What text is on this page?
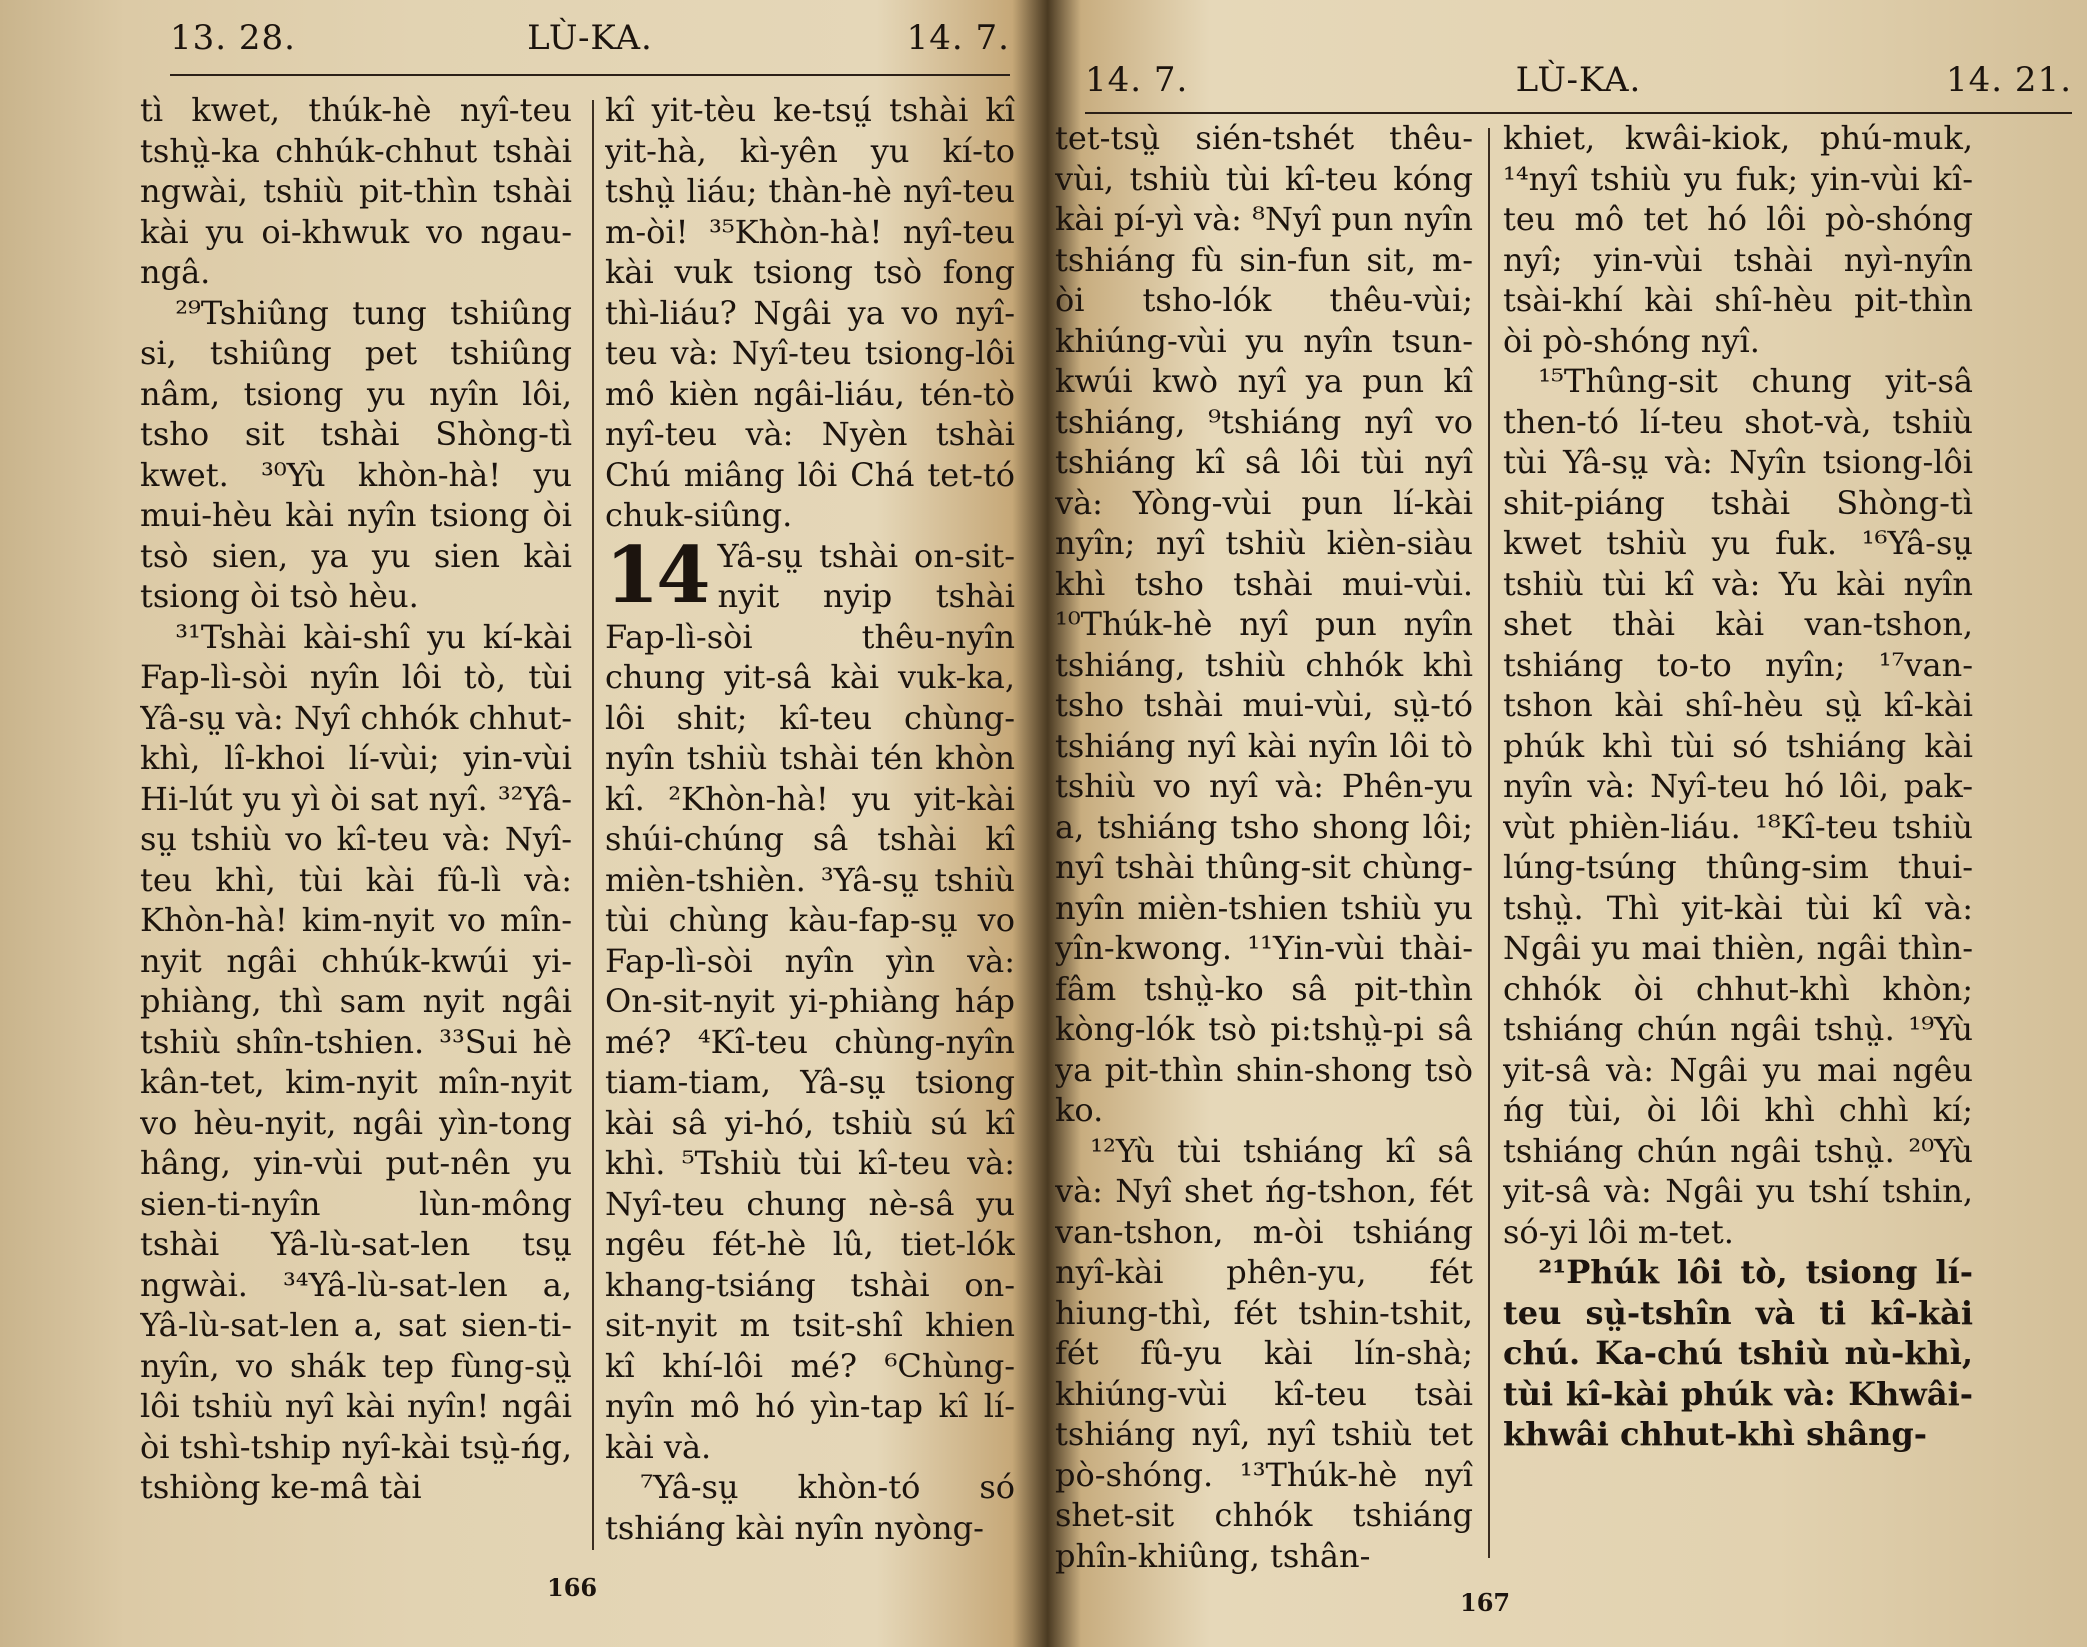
13. 28.	LÙ-KA.	14. 7.

tì kwet, thúk-hè nyî-teu tshṳ̀-ka chhúk-chhut tshài ngwài, tshiù pit-thìn tshài kài yu oi-khwuk vo ngau-ngâ.

²⁹Tshiûng tung tshiûng si, tshiûng pet tshiûng nâm, tsiong yu nyîn lôi, tsho sit tshài Shòng-tì kwet. ³⁰Yù khòn-hà! yu mui-hèu kài nyîn tsiong òi tsò sien, ya yu sien kài tsiong òi tsò hèu.

³¹Tshài kài-shî yu kí-kài Fap-lì-sòi nyîn lôi tò, tùi Yâ-sṳ và: Nyî chhók chhut-khì, lî-khoi lí-vùi; yin-vùi Hi-lút yu yì òi sat nyî. ³²Yâ-sṳ tshiù vo kî-teu và: Nyî-teu khì, tùi kài fû-lì và: Khòn-hà! kim-nyit vo mîn-nyit ngâi chhúk-kwúi yi-phiàng, thì sam nyit ngâi tshiù shîn-tshien. ³³Sui hè kân-tet, kim-nyit mîn-nyit vo hèu-nyit, ngâi yìn-tong hâng, yin-vùi put-nên yu sien-ti-nyîn lùn-mông tshài Yâ-lù-sat-len tsṳ ngwài. ³⁴Yâ-lù-sat-len a, Yâ-lù-sat-len a, sat sien-ti-nyîn, vo shák tep fùng-sṳ̀ lôi tshiù nyî kài nyîn! ngâi òi tshì-tship nyî-kài tsṳ̀-ńg, tshiòng ke-mâ tài

kî yit-tèu ke-tsṳ́ tshài kî yit-hà, kì-yên yu kí-to tshṳ̀ liáu; thàn-hè nyî-teu m-òi! ³⁵Khòn-hà! nyî-teu kài vuk tsiong tsò fong thì-liáu? Ngâi ya vo nyî-teu và: Nyî-teu tsiong-lôi mô kièn ngâi-liáu, tén-tò nyî-teu và: Nyèn tshài Chú miâng lôi Chá tet-tó chuk-siûng.

14 Yâ-sṳ tshài on-sit-nyit nyip tshài Fap-lì-sòi thêu-nyîn chung yit-sâ kài vuk-ka, lôi shit; kî-teu chùng-nyîn tshiù tshài tén khòn kî. ²Khòn-hà! yu yit-kài shúi-chúng sâ tshài kî mièn-tshièn. ³Yâ-sṳ tshiù tùi chùng kàu-fap-sṳ vo Fap-lì-sòi nyîn yìn và: On-sit-nyit yi-phiàng háp mé? ⁴Kî-teu chùng-nyîn tiam-tiam, Yâ-sṳ tsiong kài sâ yi-hó, tshiù sú kî khì. ⁵Tshiù tùi kî-teu và: Nyî-teu chung nè-sâ yu ngêu fét-hè lû, tiet-lók khang-tsiáng tshài on-sit-nyit m tsit-shî khien kî khí-lôi mé? ⁶Chùng-nyîn mô hó yìn-tap kî lí-kài và.

⁷Yâ-sṳ khòn-tó só tshiáng kài nyîn nyòng-

166
14. 7.	LÙ-KA.	14. 21.

tet-tsṳ̀ sién-tshét thêu-vùi, tshiù tùi kî-teu kóng kài pí-yì và: ⁸Nyî pun nyîn tshiáng fù sin-fun sit, m-òi tsho-lók thêu-vùi; khiúng-vùi yu nyîn tsun-kwúi kwò nyî ya pun kî tshiáng, ⁹tshiáng nyî vo tshiáng kî sâ lôi tùi nyî và: Yòng-vùi pun lí-kài nyîn; nyî tshiù kièn-siàu khì tsho tshài mui-vùi. ¹⁰Thúk-hè nyî pun nyîn tshiáng, tshiù chhók khì tsho tshài mui-vùi, sṳ̀-tó tshiáng nyî kài nyîn lôi tò tshiù vo nyî và: Phên-yu a, tshiáng tsho shong lôi; nyî tshài thûng-sit chùng-nyîn mièn-tshien tshiù yu yîn-kwong. ¹¹Yin-vùi thài-fâm tshṳ̀-ko sâ pit-thìn kòng-lók tsò pi:tshṳ̀-pi sâ ya pit-thìn shin-shong tsò ko.

¹²Yù tùi tshiáng kî sâ và: Nyî shet ńg-tshon, fét van-tshon, m-òi tshiáng nyî-kài phên-yu, fét hiung-thì, fét tshin-tshit, fét fû-yu kài lín-shà; khiúng-vùi kî-teu tsài tshiáng nyî, nyî tshiù tet pò-shóng. ¹³Thúk-hè nyî shet-sit chhók tshiáng phîn-khiûng, tshân-

khiet, kwâi-kiok, phú-muk, ¹⁴nyî tshiù yu fuk; yin-vùi kî-teu mô tet hó lôi pò-shóng nyî; yin-vùi tshài nyì-nyîn tsài-khí kài shî-hèu pit-thìn òi pò-shóng nyî.

¹⁵Thûng-sit chung yit-sâ then-tó lí-teu shot-và, tshiù tùi Yâ-sṳ và: Nyîn tsiong-lôi shit-piáng tshài Shòng-tì kwet tshiù yu fuk. ¹⁶Yâ-sṳ tshiù tùi kî và: Yu kài nyîn shet thài kài van-tshon, tshiáng to-to nyîn; ¹⁷van-tshon kài shî-hèu sṳ̀ kî-kài phúk khì tùi só tshiáng kài nyîn và: Nyî-teu hó lôi, pak-vùt phièn-liáu. ¹⁸Kî-teu tshiù lúng-tsúng thûng-sim thui-tshṳ̀. Thì yit-kài tùi kî và: Ngâi yu mai thièn, ngâi thìn-chhók òi chhut-khì khòn; tshiáng chún ngâi tshṳ̀. ¹⁹Yù yit-sâ và: Ngâi yu mai ngêu ńg tùi, òi lôi khì chhì kí; tshiáng chún ngâi tshṳ̀. ²⁰Yù yit-sâ và: Ngâi yu tshí tshin, só-yi lôi m-tet.

²¹Phúk lôi tò, tsiong lí-teu sṳ̀-tshîn và ti kî-kài chú. Ka-chú tshiù nù-khì, tùi kî-kài phúk và: Khwâi-khwâi chhut-khì shâng-

167
